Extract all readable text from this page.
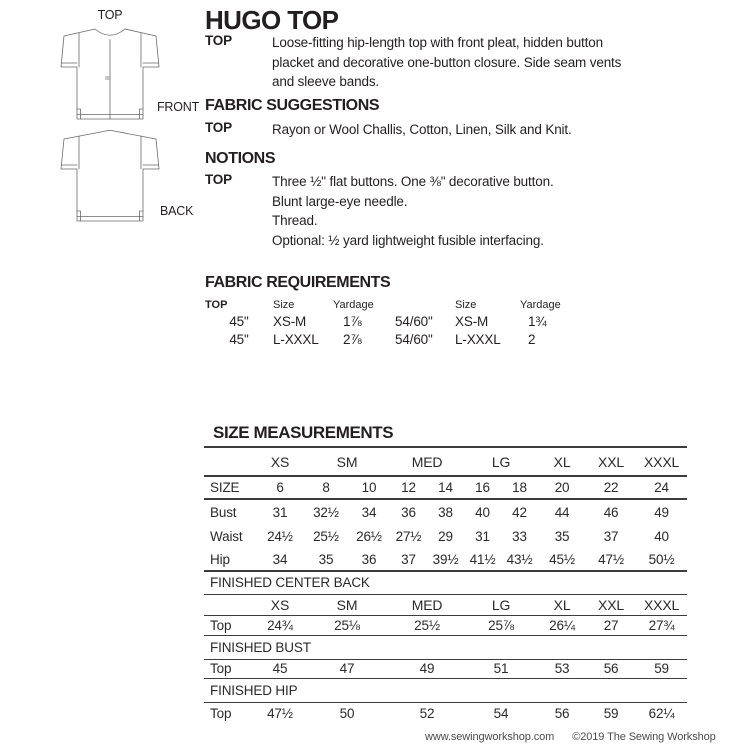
TOP
FRONT
BACK
HUGO TOP
TOP	Loose-fitting hip-length top with front pleat, hidden button
placket and decorative one-button closure. Side seam vents
and sleeve bands.
FABRIC SUGGESTIONS
TOP	Rayon or Wool Challis, Cotton, Linen, Silk and Knit.
NOTIONS
TOP	Three ½" flat buttons. One ⅜" decorative button.
Blunt large-eye needle.
Thread.
Optional: ½ yard lightweight fusible interfacing.
FABRIC REQUIREMENTS
TOP	Size	Yardage		Size	Yardage
45"	XS-M	1⅞	54/60"	XS-M	1¾
45"	L-XXXL	2⅞	54/60"	L-XXXL	2
SIZE MEASUREMENTS
	XS	SM		MED		LG		XL	XXL	XXXL
SIZE	6	8	10	12	14	16	18	20	22	24
Bust	31	32½	34	36	38	40	42	44	46	49
Waist	24½	25½	26½	27½	29	31	33	35	37	40
Hip	34	35	36	37	39½	41½	43½	45½	47½	50½
FINISHED CENTER BACK										
	XS	SM		MED		LG		XL	XXL	XXXL
Top	24¾	25⅛		25½		25⅞		26¼	27	27¾
FINISHED BUST										
Top	45	47		49		51		53	56	59
FINISHED HIP										
Top	47½	50		52		54		56	59	62¼
www.sewingworkshop.com ©2019 The Sewing Workshop
